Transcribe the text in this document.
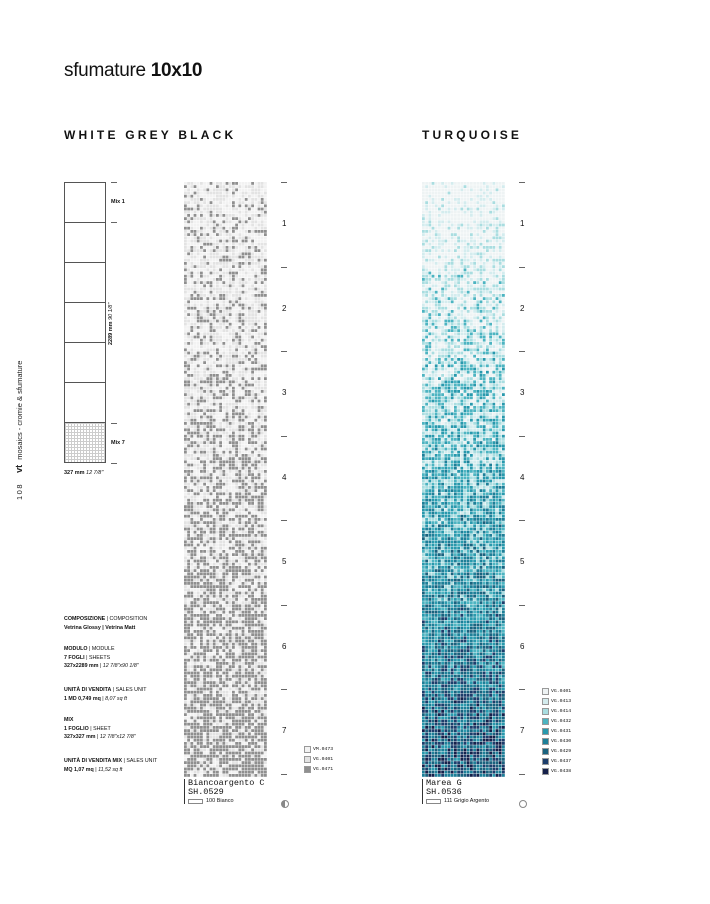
sfumature 10x10
108 vt mosaics - cromie & sfumature
WHITE GREY BLACK	TURQUOISE
Mix 1
Mix 7
2289 mm 90 1/8"
327 mm 12 7/8"
COMPOSIZIONE | COMPOSITION
Vetrina Glossy | Vetrina Matt
MODULO | MODULE
7 FOGLI | SHEETS
327x2289 mm | 12 7/8"x90 1/8"
UNITÀ DI VENDITA | SALES UNIT
1 MD 0,749 mq | 8,07 sq ft
MIX
1 FOGLIO | SHEET
327x327 mm | 12 7/8"x12 7/8"
UNITÀ DI VENDITA MIX | SALES UNIT
MQ 1,07 mq | 11,52 sq ft
1
2
3
4
5
6
7
1
2
3
4
5
6
7
VM.0473
VG.0401
VG.0471
VG.0401
VG.0413
VG.0414
VG.0432
VG.0431
VG.0430
VG.0429
VG.0437
VG.0438
Biancoargento C
SH.0529
100 Bianco
Marea G
SH.0536
111 Grigio Argento
